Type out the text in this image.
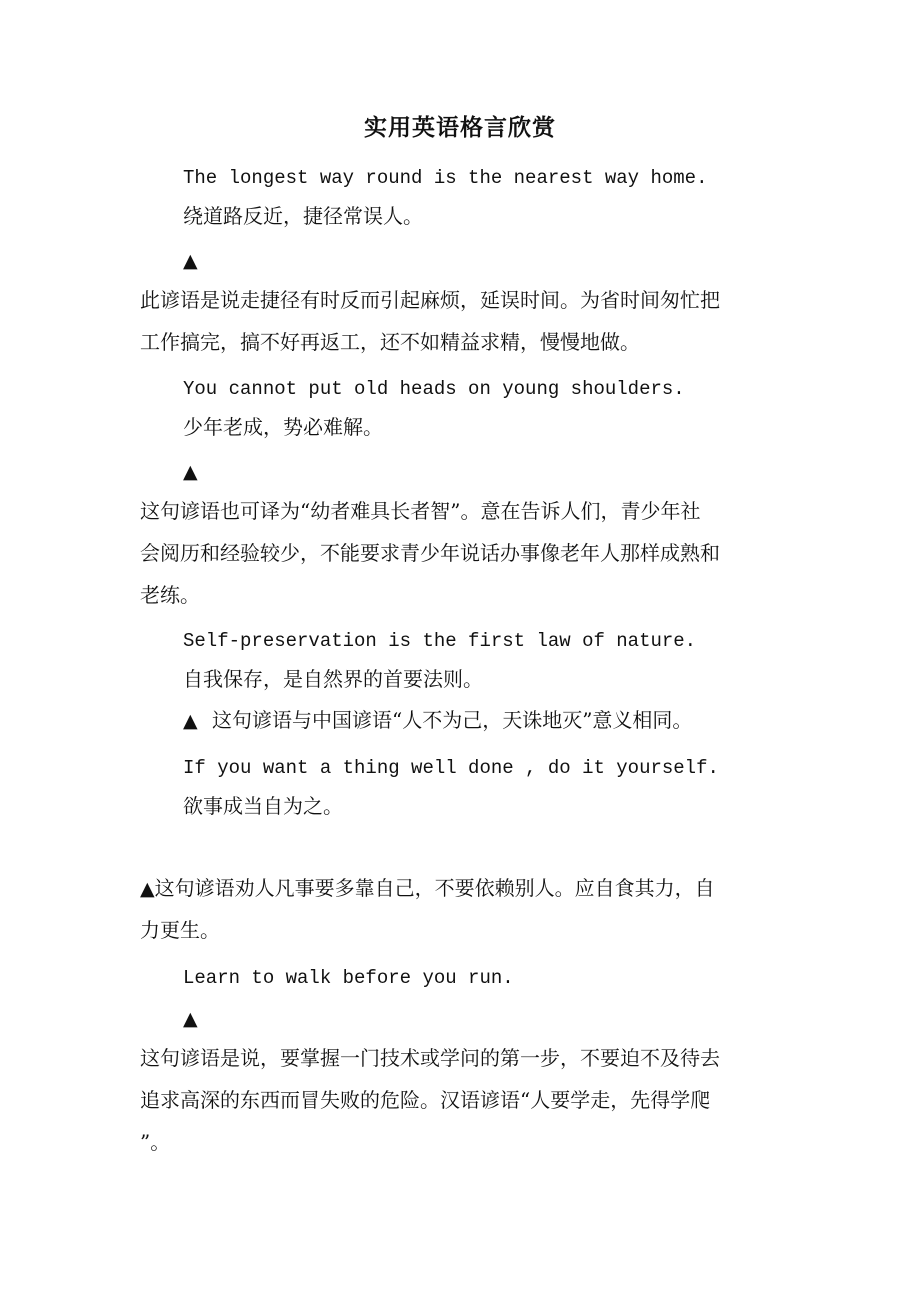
实用英语格言欣赏
The longest way round is the nearest way home.
绕道路反近，捷径常误人。
▲
此谚语是说走捷径有时反而引起麻烦，延误时间。为省时间匆忙把
工作搞完，搞不好再返工，还不如精益求精，慢慢地做。
You cannot put old heads on young shoulders.
少年老成，势必难解。
▲
这句谚语也可译为“幼者难具长者智”。意在告诉人们，青少年社
会阅历和经验较少，不能要求青少年说话办事像老年人那样成熟和
老练。
Self-preservation is the first law of nature.
自我保存，是自然界的首要法则。
▲ 这句谚语与中国谚语“人不为己，天诛地灭”意义相同。
If you want a thing well done , do it yourself.
欲事成当自为之。
▲这句谚语劝人凡事要多靠自己，不要依赖别人。应自食其力，自
力更生。
Learn to walk before you run.
▲
这句谚语是说，要掌握一门技术或学问的第一步，不要迫不及待去
追求高深的东西而冒失败的危险。汉语谚语“人要学走，先得学爬
”。
